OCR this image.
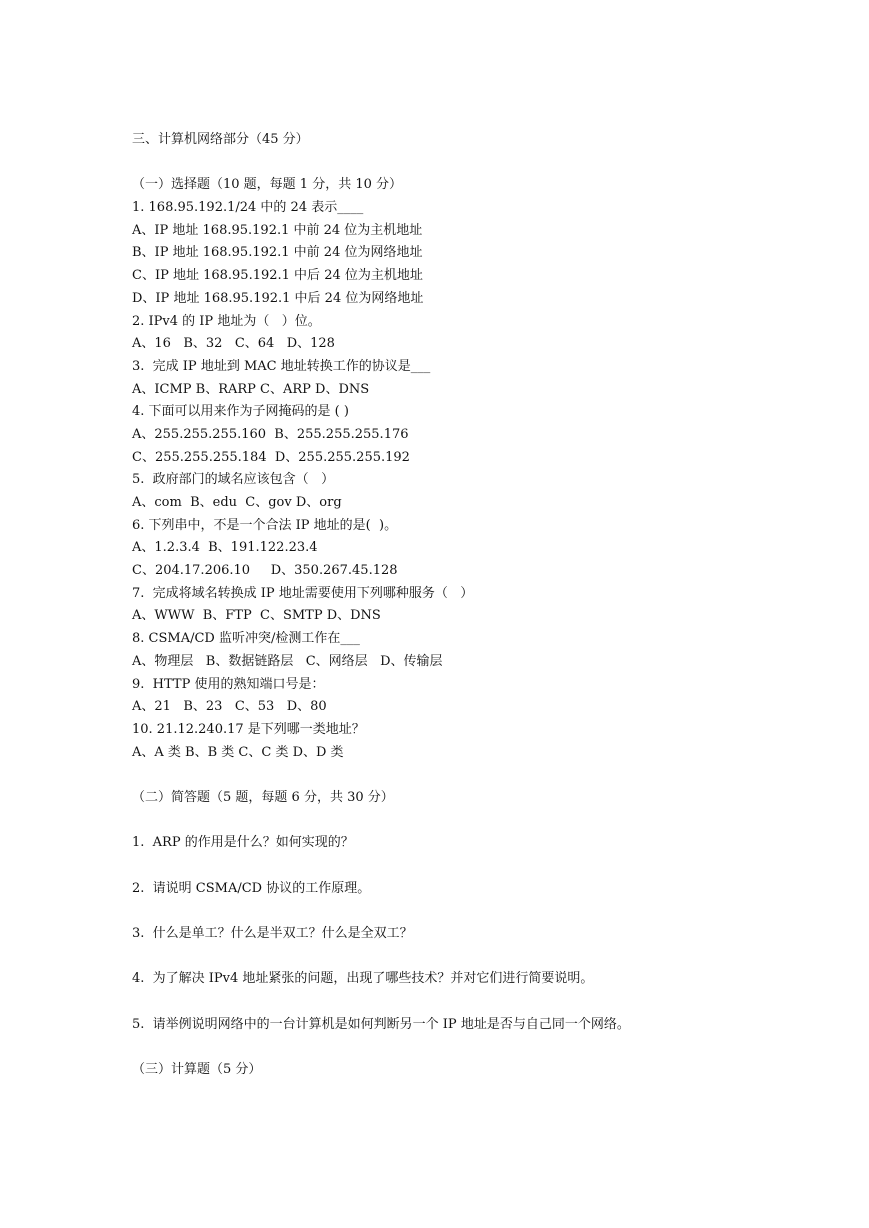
三、计算机网络部分（45 分）
（一）选择题（10 题，每题 1 分，共 10 分）
1. 168.95.192.1/24 中的 24 表示____
A、IP 地址 168.95.192.1 中前 24 位为主机地址
B、IP 地址 168.95.192.1 中前 24 位为网络地址
C、IP 地址 168.95.192.1 中后 24 位为主机地址
D、IP 地址 168.95.192.1 中后 24 位为网络地址
2. IPv4 的 IP 地址为（   ）位。
A、16   B、32   C、64   D、128
3.  完成 IP 地址到 MAC 地址转换工作的协议是___
A、ICMP B、RARP C、ARP D、DNS
4. 下面可以用来作为子网掩码的是 ( )
A、255.255.255.160  B、255.255.255.176
C、255.255.255.184  D、255.255.255.192
5.  政府部门的域名应该包含（   ）
A、com  B、edu  C、gov D、org
6. 下列串中，不是一个合法 IP 地址的是(  )。
A、1.2.3.4  B、191.122.23.4
C、204.17.206.10     D、350.267.45.128
7.  完成将域名转换成 IP 地址需要使用下列哪种服务（   ）
A、WWW  B、FTP  C、SMTP D、DNS
8. CSMA/CD 监听冲突/检测工作在___
A、物理层   B、数据链路层   C、网络层   D、传输层
9.  HTTP 使用的熟知端口号是：
A、21   B、23   C、53   D、80
10. 21.12.240.17 是下列哪一类地址？
A、A 类 B、B 类 C、C 类 D、D 类
（二）简答题（5 题，每题 6 分，共 30 分）
1.  ARP 的作用是什么？如何实现的？
2.  请说明 CSMA/CD 协议的工作原理。
3.  什么是单工？什么是半双工？什么是全双工？
4.  为了解决 IPv4 地址紧张的问题，出现了哪些技术？并对它们进行简要说明。
5.  请举例说明网络中的一台计算机是如何判断另一个 IP 地址是否与自己同一个网络。
（三）计算题（5 分）
